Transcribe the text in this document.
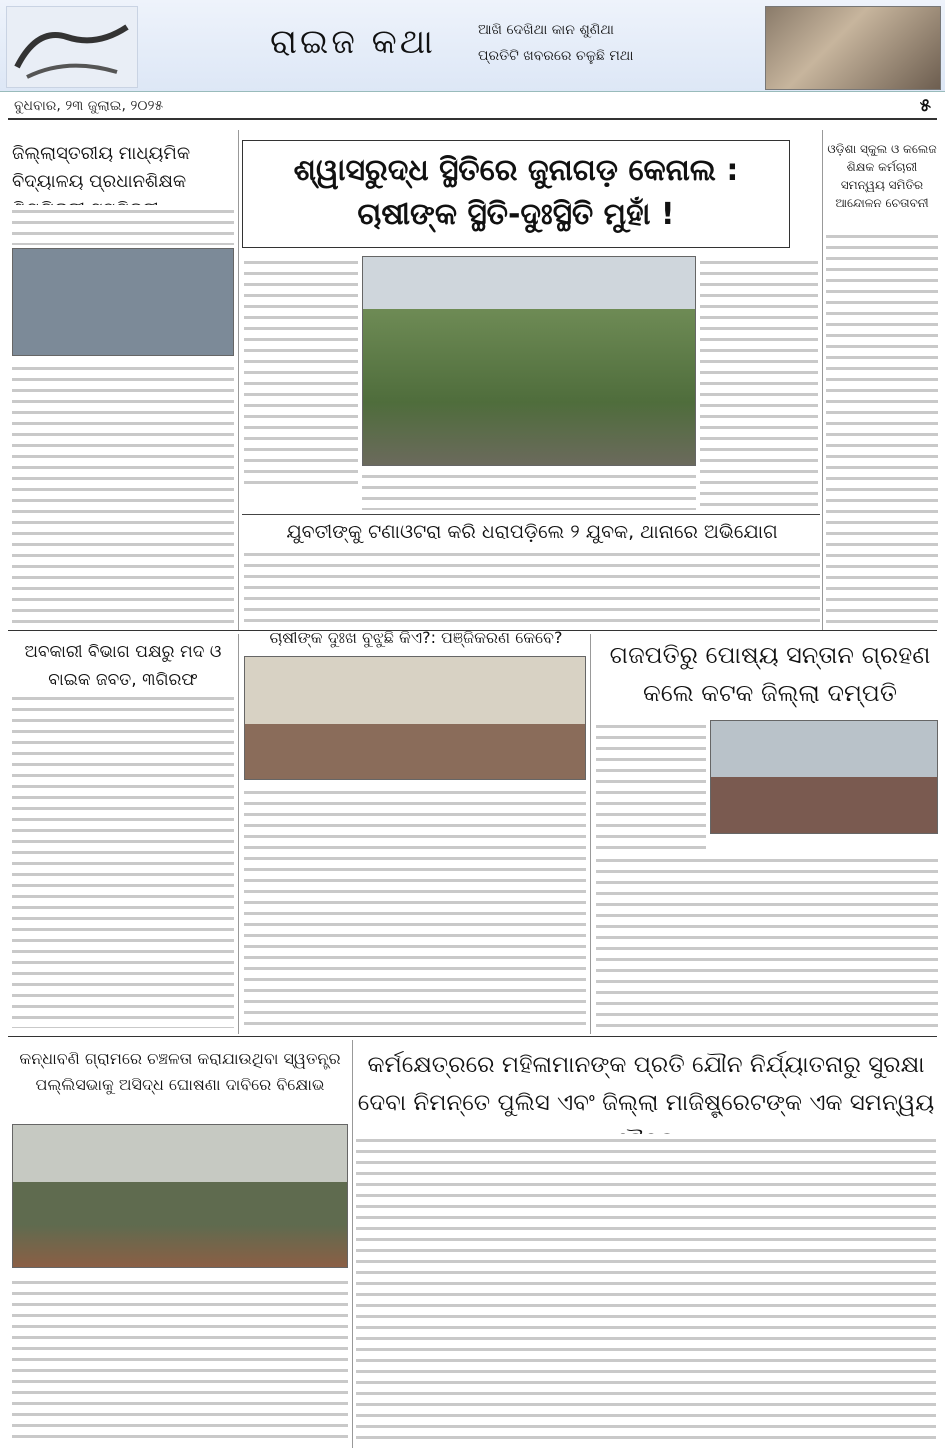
ରାଇଜ କଥା	ଆଖି ଦେଖିଥା କାନ ଶୁଣିଥା
ପ୍ରତିଟି ଖବରରେ ଚଳୁଛି ମଥା
ବୁଧବାର, ୨୩ ଜୁଲାଇ, ୨୦୨୫	୫
ଜିଲ୍ଲାସ୍ତରୀୟ ମାଧ୍ୟମିକ ବିଦ୍ୟାଳୟ ପ୍ରଧାନଶିକ୍ଷକ	ଶ୍ୱାସରୁଦ୍ଧ ସ୍ଥିତିରେ ଜୁନାଗଡ଼ କେନାଲ : ଚାଷୀଙ୍କ ସ୍ଥିତି-ଦୁଃସ୍ଥିତି ମୁହାଁ !
ଓଡ଼ିଶା ସ୍କୁଲ ଓ କଲେଜ ଶିକ୍ଷକ କର୍ମଚାରୀ ସମନ୍ୱୟ ସମିତିର ଆନ୍ଦୋଳନ ଚେତାବନୀ
ଯୁବତୀଙ୍କୁ ଟଣାଓଟରା କରି ଧରାପଡ଼ିଲେ ୨ ଯୁବକ, ଥାନାରେ ଅଭିଯୋଗ
ଅବକାରୀ ବିଭାଗ ପକ୍ଷରୁ ମଦ ଓ ବାଇକ ଜବତ, ୩ଗିରଫ
ଚାଷୀଙ୍କ ଦୁଃଖ ବୁଝୁଛି କିଏ?: ପଞ୍ଜିକରଣ କେବେ?
ଗଜପତିରୁ ପୋଷ୍ୟ ସନ୍ତାନ ଗ୍ରହଣ କଲେ କଟକ ଜିଲ୍ଲା ଦମ୍ପତି
କନ୍ଧାବଣି ଗ୍ରାମରେ ଚଞ୍ଚଳତା କରାଯାଉଥିବା ସ୍ୱତନ୍ତ୍ର ପଲ୍ଲିସଭାକୁ ଅସିଦ୍ଧ ଘୋଷଣା ଦାବିରେ ବିକ୍ଷୋଭ
କର୍ମକ୍ଷେତ୍ରରେ ମହିଳାମାନଙ୍କ ପ୍ରତି ଯୌନ ନିର୍ଯ୍ୟାତନାରୁ ସୁରକ୍ଷା ଦେବା ନିମନ୍ତେ ପୁଲିସ ଏବଂ ଜିଲ୍ଲା ମାଜିଷ୍ଟ୍ରେଟଙ୍କ ଏକ ସମନ୍ୱୟ
